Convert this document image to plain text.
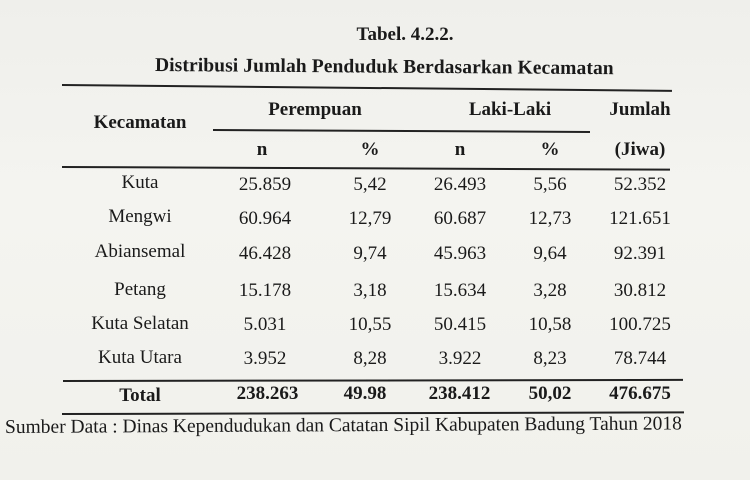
Tabel. 4.2.2.
Distribusi Jumlah Penduduk Berdasarkan Kecamatan
Kecamatan
Perempuan	Laki-Laki	Jumlah
n	%	n	%	(Jiwa)
Kuta	25.859	5,42	26.493	5,56	52.352
Mengwi	60.964	12,79	60.687	12,73	121.651
Abiansemal	46.428	9,74	45.963	9,64	92.391
Petang	15.178	3,18	15.634	3,28	30.812
Kuta Selatan	5.031	10,55	50.415	10,58	100.725
Kuta Utara	3.952	8,28	3.922	8,23	78.744
Total	238.263	49.98	238.412	50,02	476.675
Sumber Data : Dinas Kependudukan dan Catatan Sipil Kabupaten Badung Tahun 2018
